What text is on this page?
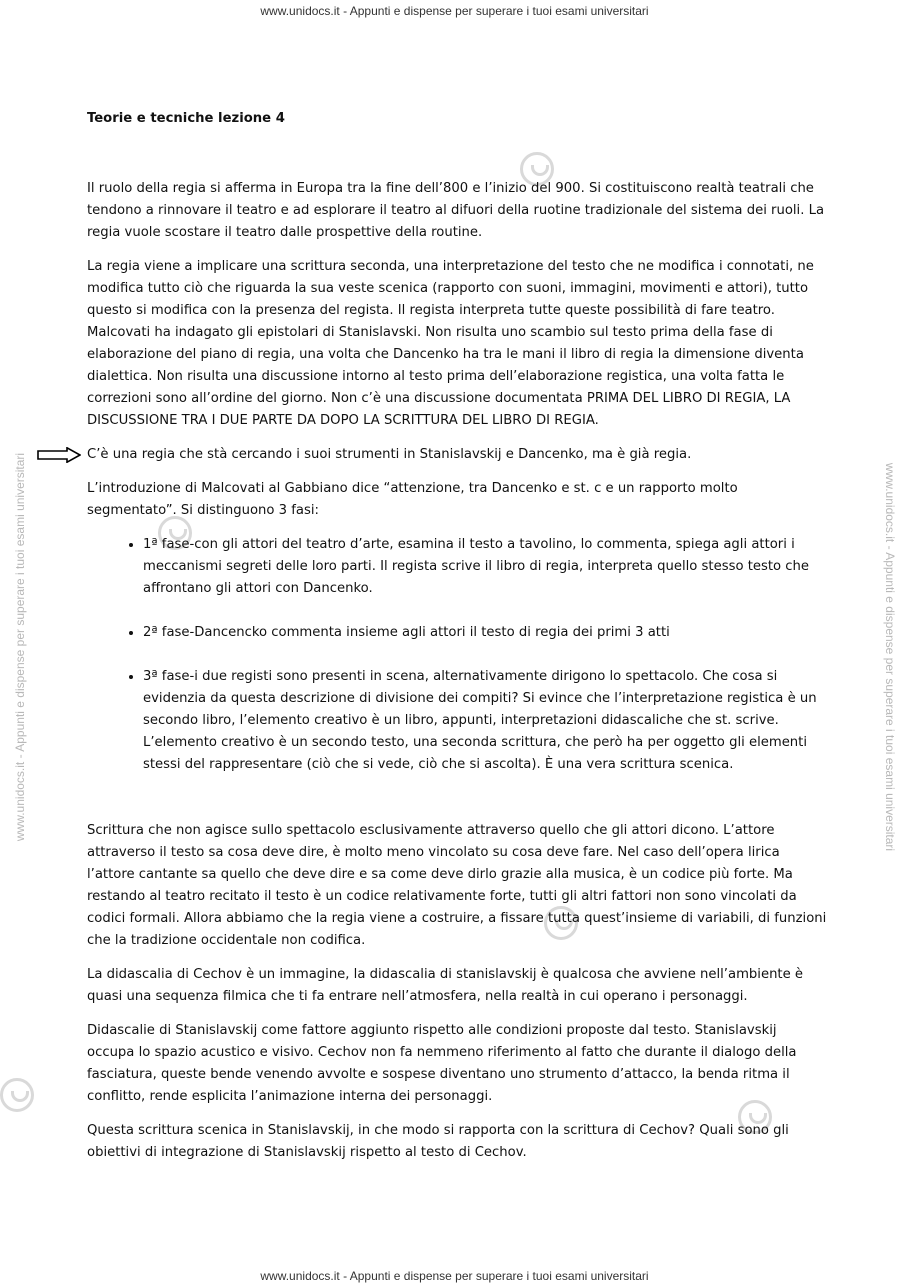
www.unidocs.it - Appunti e dispense per superare i tuoi esami universitari
www.unidocs.it - Appunti e dispense per superare i tuoi esami universitari	www.unidocs.it - Appunti e dispense per superare i tuoi esami universitari
Teorie e tecniche lezione 4

Il ruolo della regia si afferma in Europa tra la fine dell’800 e l’inizio del 900. Si costituiscono realtà teatrali che tendono a rinnovare il teatro e ad esplorare il teatro al difuori della ruotine tradizionale del sistema dei ruoli. La regia vuole scostare il teatro dalle prospettive della routine.

La regia viene a implicare una scrittura seconda, una interpretazione del testo che ne modifica i connotati, ne modifica tutto ciò che riguarda la sua veste scenica (rapporto con suoni, immagini, movimenti e attori), tutto questo si modifica con la presenza del regista. Il regista interpreta tutte queste possibilità di fare teatro. Malcovati ha indagato gli epistolari di Stanislavski. Non risulta uno scambio sul testo prima della fase di elaborazione del piano di regia, una volta che Dancenko ha tra le mani il libro di regia la dimensione diventa dialettica. Non risulta una discussione intorno al testo prima dell’elaborazione registica, una volta fatta le correzioni sono all’ordine del giorno. Non c’è una discussione documentata PRIMA DEL LIBRO DI REGIA, LA DISCUSSIONE TRA I DUE PARTE DA DOPO LA SCRITTURA DEL LIBRO DI REGIA.

C’è una regia che stà cercando i suoi strumenti in Stanislavskij e Dancenko, ma è già regia.

L’introduzione di Malcovati al Gabbiano dice “attenzione, tra Dancenko e st. c e un rapporto molto segmentato”. Si distinguono 3 fasi:

• 1ª fase-con gli attori del teatro d’arte, esamina il testo a tavolino, lo commenta, spiega agli attori i meccanismi segreti delle loro parti. Il regista scrive il libro di regia, interpreta quello stesso testo che affrontano gli attori con Dancenko.
• 2ª fase-Dancencko commenta insieme agli attori il testo di regia dei primi 3 atti
• 3ª fase-i due registi sono presenti in scena, alternativamente dirigono lo spettacolo. Che cosa si evidenzia da questa descrizione di divisione dei compiti? Si evince che l’interpretazione registica è un secondo libro, l’elemento creativo è un libro, appunti, interpretazioni didascaliche che st. scrive. L’elemento creativo è un secondo testo, una seconda scrittura, che però ha per oggetto gli elementi stessi del rappresentare (ciò che si vede, ciò che si ascolta). È una vera scrittura scenica.

Scrittura che non agisce sullo spettacolo esclusivamente attraverso quello che gli attori dicono. L’attore attraverso il testo sa cosa deve dire, è molto meno vincolato su cosa deve fare. Nel caso dell’opera lirica l’attore cantante sa quello che deve dire e sa come deve dirlo grazie alla musica, è un codice più forte. Ma restando al teatro recitato il testo è un codice relativamente forte, tutti gli altri fattori non sono vincolati da codici formali. Allora abbiamo che la regia viene a costruire, a fissare tutta quest’insieme di variabili, di funzioni che la tradizione occidentale non codifica.

La didascalia di Cechov è un immagine, la didascalia di stanislavskij è qualcosa che avviene nell’ambiente è quasi una sequenza filmica che ti fa entrare nell’atmosfera, nella realtà in cui operano i personaggi.

Didascalie di Stanislavskij come fattore aggiunto rispetto alle condizioni proposte dal testo. Stanislavskij occupa lo spazio acustico e visivo. Cechov non fa nemmeno riferimento al fatto che durante il dialogo della fasciatura, queste bende venendo avvolte e sospese diventano uno strumento d’attacco, la benda ritma il conflitto, rende esplicita l’animazione interna dei personaggi.

Questa scrittura scenica in Stanislavskij, in che modo si rapporta con la scrittura di Cechov? Quali sono gli obiettivi di integrazione di Stanislavskij rispetto al testo di Cechov.

www.unidocs.it - Appunti e dispense per superare i tuoi esami universitari
